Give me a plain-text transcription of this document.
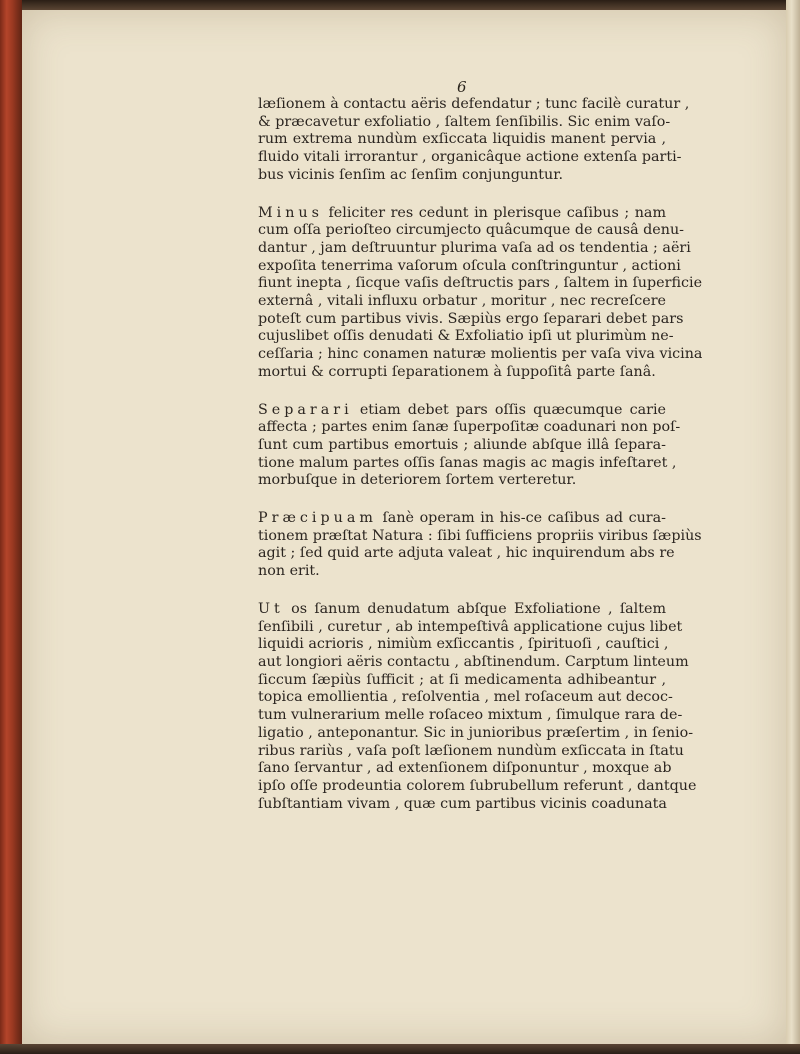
6
læſionem à contactu aëris defendatur ; tunc facilè curatur ,
& præcavetur exfoliatio , ſaltem ſenſibilis. Sic enim vaſo-
rum extrema nundùm exſiccata liquidis manent pervia ,
fluido vitali irrorantur , organicâque actione extenſa parti-
bus vicinis ſenſim ac ſenſim conjunguntur.
Minus feliciter res cedunt in plerisque caſibus ; nam
cum oſſa perioſteo circumjecto quâcumque de causâ denu-
dantur , jam deſtruuntur plurima vaſa ad os tendentia ; aëri
expoſita tenerrima vaſorum oſcula conſtringuntur , actioni
fiunt inepta , ſicque vaſis deſtructis pars , ſaltem in ſuperficie
externâ , vitali influxu orbatur , moritur , nec recreſcere
poteſt cum partibus vivis. Sæpiùs ergo ſeparari debet pars
cujuslibet oſſis denudati & Exfoliatio ipſi ut plurimùm ne-
ceſſaria ; hinc conamen naturæ molientis per vaſa viva vicina
mortui & corrupti ſeparationem à ſuppoſitâ parte ſanâ.
Separari etiam debet pars oſſis quæcumque carie
affecta ; partes enim ſanæ ſuperpoſitæ coadunari non poſ-
ſunt cum partibus emortuis ; aliunde abſque illâ ſepara-
tione malum partes oſſis ſanas magis ac magis infeſtaret ,
morbuſque in deteriorem ſortem verteretur.
Præcipuam ſanè operam in his-ce caſibus ad cura-
tionem præſtat Natura : ſibi ſufficiens propriis viribus ſæpiùs
agit ; ſed quid arte adjuta valeat , hic inquirendum abs re
non erit.
Ut os ſanum denudatum abſque Exfoliatione , ſaltem
ſenſibili , curetur , ab intempeſtivâ applicatione cujus libet
liquidi acrioris , nimiùm exſiccantis , ſpirituoſi , cauſtici ,
aut longiori aëris contactu , abſtinendum. Carptum linteum
ſiccum ſæpiùs ſufficit ; at ſi medicamenta adhibeantur ,
topica emollientia , reſolventia , mel roſaceum aut decoc-
tum vulnerarium melle roſaceo mixtum , ſimulque rara de-
ligatio , anteponantur. Sic in junioribus præſertim , in ſenio-
ribus rariùs , vaſa poſt læſionem nundùm exſiccata in ſtatu
ſano ſervantur , ad extenſionem diſponuntur , moxque ab
ipſo oſſe prodeuntia colorem ſubrubellum referunt , dantque
ſubſtantiam vivam , quæ cum partibus vicinis coadunata
